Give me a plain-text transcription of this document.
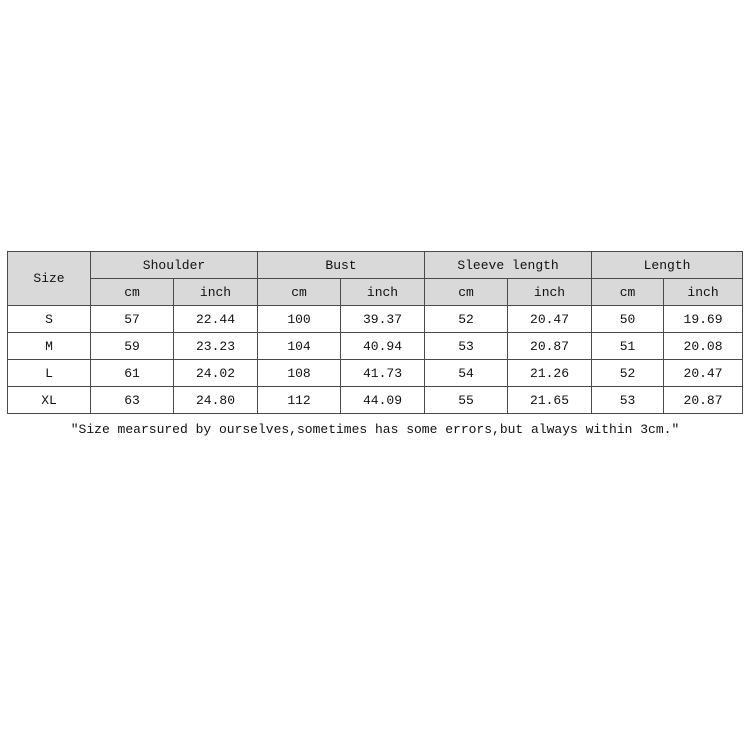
Size	Shoulder		Bust		Sleeve length		Length	
	cm	inch	cm	inch	cm	inch	cm	inch
S	57	22.44	100	39.37	52	20.47	50	19.69
M	59	23.23	104	40.94	53	20.87	51	20.08
L	61	24.02	108	41.73	54	21.26	52	20.47
XL	63	24.80	112	44.09	55	21.65	53	20.87
"Size mearsured by ourselves,sometimes has some errors,but always within 3cm."
